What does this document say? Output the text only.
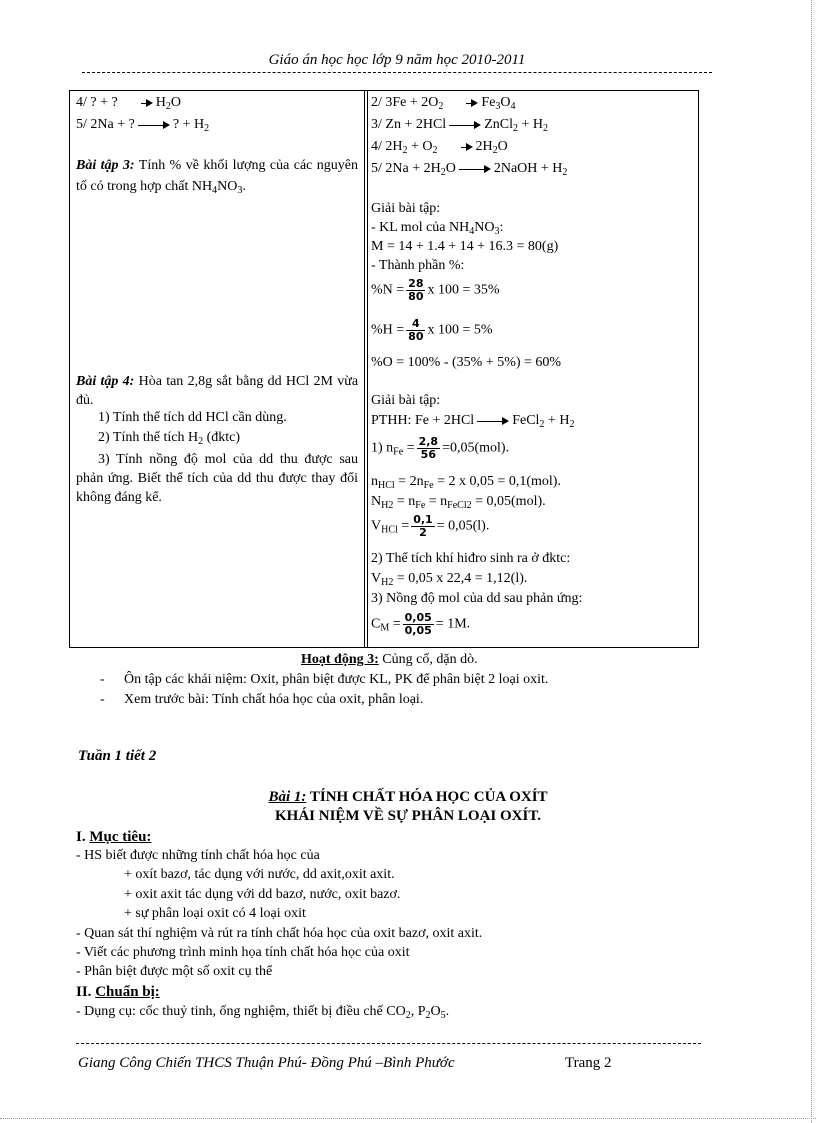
Giáo án học học lớp 9 năm học 2010-2011
4/ ? + ?	$H_2O$
5/ 2Na + ?	? + $H_2$
Bài tập 3: Tính % về khối lượng của các nguyên tố có trong hợp chất $NH_4NO_3$.
Bài tập 4: Hòa tan 2,8g sắt bằng dd HCl 2M vừa đủ.
1) Tính thể tích dd HCl cần dùng.
2) Tính thể tích $H_2$ (đktc)
3) Tính nồng độ mol của dd thu được sau phản ứng. Biết thể tích của dd thu được thay đổi không đáng kể.
2/ $3Fe + 2O_2$	$Fe_3O_4$
3/ Zn + 2HCl	ZnCl$_2$ + $H_2$
4/ $2H_2 + O_2$	$2H_2O$
5/ $2Na + 2H_2O$	2NaOH + $H_2$
Giải bài tập:
- KL mol của $NH_4NO_3$:
M = 14 + 1.4 + 14 + 16.3 = 80(g)
- Thành phần %:
$\%N = \frac{28}{80}$ x 100 = 35%
$\%H = \frac{4}{80}$ x 100 = 5%
%O = 100% - (35% + 5%) = 60%
Giải bài tập:
PTHH: Fe + 2HCl	FeCl$_2$ + $H_2$
1) $n_{Fe} = \frac{2,8}{56} =0,05(mol)$.
$n_{HCl} = 2n_{Fe} = 2$ x 0,05 = 0,1(mol).
$N_{H2} = n_{Fe} = n_{FeCl2} = 0,05(mol)$.
$V_{HCl} = \frac{0,1}{2} = 0,05(l)$.
2) Thể tích khí hiđro sinh ra ở đktc:
$V_{H2} = 0,05$ x 22,4 = 1,12(l).
3) Nồng độ mol của dd sau phản ứng:
$C_M = \frac{0,05}{0,05} = 1M$.
Hoạt động 3: Củng cố, dặn dò.
- Ôn tập các khái niệm: Oxit, phân biệt được KL, PK để phân biệt 2 loại oxit.
- Xem trước bài: Tính chất hóa học của oxit, phân loại.
Tuần 1 tiết 2
Bài 1: TÍNH CHẤT HÓA HỌC CỦA OXÍT
KHÁI NIỆM VỀ SỰ PHÂN LOẠI OXÍT.
I. Mục tiêu:
- HS biết được những tính chất hóa học của
+ oxít bazơ, tác dụng với nước, dd axit,oxit axit.
+ oxit axit tác dụng với dd bazơ, nước, oxit bazơ.
+ sự phân loại oxit có 4 loại oxit
- Quan sát thí nghiệm và rút ra tính chất hóa học của oxit bazơ, oxit axit.
- Viết các phương trình minh họa tính chất hóa học của oxit
- Phân biệt được một số oxit cụ thể
II. Chuẩn bị:
- Dụng cụ: cốc thuỷ tinh, ống nghiệm, thiết bị điều chế $CO_2$, $P_2O_5$.
Giang Công Chiến THCS Thuận Phú- Đồng Phú –Bình Phước	Trang 2
